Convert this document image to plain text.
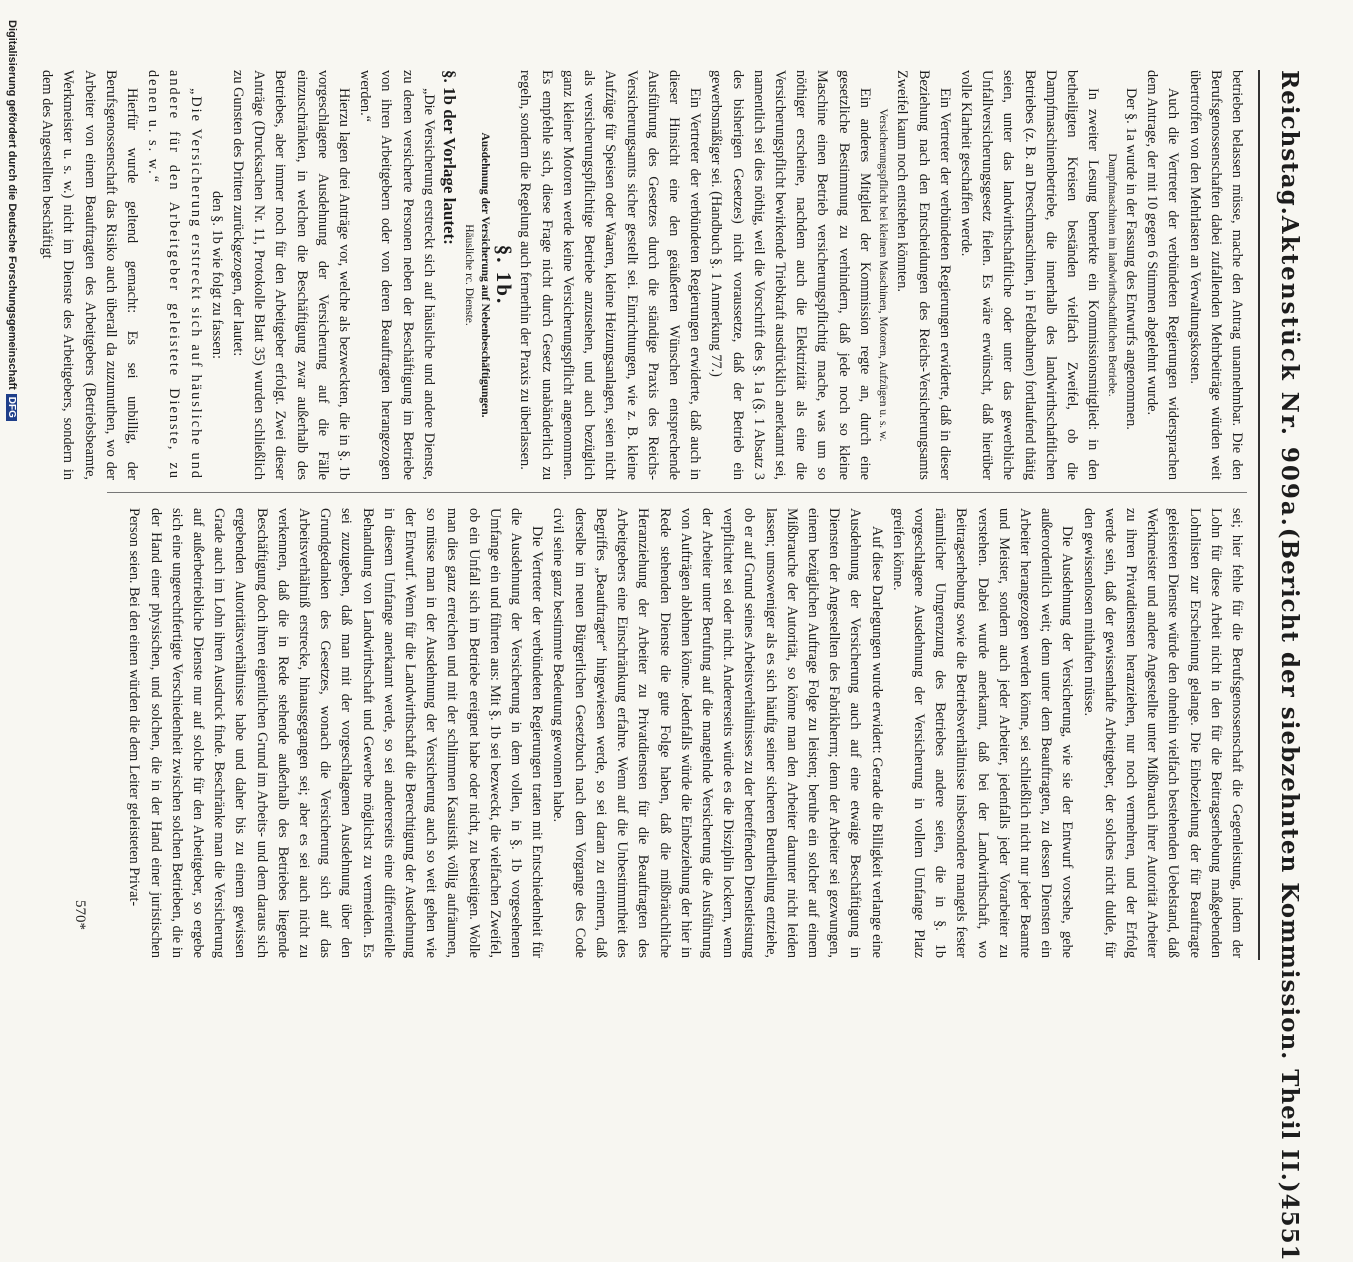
Reichstag.
Aktenstück Nr. 909a.
(Bericht der siebzehnten Kommission. Theil II.)
4551

betrieben belassen müsse, mache den Antrag unannehmbar. Die den Berufsgenossenschaften dabei zufallenden Mehrbeiträge würden weit übertroffen von den Mehrlasten an Verwaltungskosten.

Auch die Vertreter der verbündeten Regierungen widersprachen dem Antrage, der mit 10 gegen 6 Stimmen abgelehnt wurde.

Der §. 1a wurde in der Fassung des Entwurfs angenommen.

Dampfmaschinen im landwirthschaftlichen Betriebe.

In zweiter Lesung bemerkte ein Kommissionsmitglied: in den betheiligten Kreisen beständen vielfach Zweifel, ob die Dampfmaschinenbetriebe, die innerhalb des landwirthschaftlichen Betriebes (z. B. an Dreschmaschinen, in Feldbahnen) fortlaufend thätig seien, unter das landwirthschaftliche oder unter das gewerbliche Unfallversicherungsgesetz fielen. Es wäre erwünscht, daß hierüber volle Klarheit geschaffen werde.

Ein Vertreter der verbündeten Regierungen erwiderte, daß in dieser Beziehung nach den Entscheidungen des Reichs-Versicherungsamts Zweifel kaum noch entstehen könnten.

Versicherungspflicht bei kleinen Maschinen, Motoren, Aufzügen u. s. w.

Ein anderes Mitglied der Kommission regte an, durch eine gesetzliche Bestimmung zu verhindern, daß jede noch so kleine Maschine einen Betrieb versicherungspflichtig mache, was um so nöthiger erscheine, nachdem auch die Elektrizität als eine die Versicherungspflicht bewirkende Triebkraft ausdrücklich anerkannt sei, namentlich sei dies nöthig, weil die Vorschrift des §. 1a (§. 1 Absatz 3 des bisherigen Gesetzes) nicht voraussetze, daß der Betrieb ein gewerbsmäßiger sei. (Handbuch §. 1 Anmerkung 77.)

Ein Vertreter der verbündeten Regierungen erwiderte, daß auch in dieser Hinsicht eine den geäußerten Wünschen entsprechende Ausführung des Gesetzes durch die ständige Praxis des Reichs-Versicherungsamts sicher gestellt sei. Einrichtungen, wie z. B. kleine Aufzüge für Speisen oder Waaren, kleine Heizungsanlagen, seien nicht als versicherungspflichtige Betriebe anzusehen, und auch bezüglich ganz kleiner Motoren werde keine Versicherungspflicht angenommen. Es empfehle sich, diese Frage nicht durch Gesetz unabänderlich zu regeln, sondern die Regelung auch fernerhin der Praxis zu überlassen.

§. 1b.

Ausdehnung der Versicherung auf Nebenbeschäftigungen.

Häusliche rc. Dienste.

§. 1b der Vorlage lautet:

„Die Versicherung erstreckt sich auf häusliche und andere Dienste, zu denen versicherte Personen neben der Beschäftigung im Betriebe von ihren Arbeitgebern oder von deren Beauftragten herangezogen werden.“

Hierzu lagen drei Anträge vor, welche als bezweckten, die in §. 1b vorgeschlagene Ausdehnung der Versicherung auf die Fälle einzuschränken, in welchen die Beschäftigung zwar außerhalb des Betriebes, aber immer noch für den Arbeitgeber erfolgt. Zwei dieser Anträge (Drucksachen Nr. 11, Protokolle Blatt 35) wurden schließlich zu Gunsten des Dritten zurückgezogen, der lautet:

den §. 1b wie folgt zu fassen:

„Die Versicherung erstreckt sich auf häusliche und andere für den Arbeitgeber geleistete Dienste, zu denen u. s. w.“

Hierfür wurde geltend gemacht: Es sei unbillig, der Berufsgenossenschaft das Risiko auch überall da zuzumuthen, wo der Arbeiter von einem Beauftragten des Arbeitgebers (Betriebsbeamte, Werkmeister u. s. w.) nicht im Dienste des Arbeitgebers, sondern in dem des Angestellten beschäftigt

sei; hier fehle für die Berufsgenossenschaft die Gegenleistung, indem der Lohn für diese Arbeit nicht in den für die Beitragserhebung maßgebenden Lohnlisten zur Erscheinung gelange. Die Einbeziehung der für Beauftragte geleisteten Dienste würde den ohnehin vielfach bestehenden Uebelstand, daß Werkmeister und andere Angestellte unter Mißbrauch ihrer Autorität Arbeiter zu ihren Privatdiensten heranziehen, nur noch vermehren, und der Erfolg werde sein, daß der gewissenhafte Arbeitgeber, der solches nicht dulde, für den gewissenlosen mithaften müsse.

Die Ausdehnung der Versicherung, wie sie der Entwurf vorsehe, gehe außerordentlich weit; denn unter dem Beauftragten, zu dessen Diensten ein Arbeiter herangezogen werden könne, sei schließlich nicht nur jeder Beamte und Meister, sondern auch jeder Arbeiter, jedenfalls jeder Vorarbeiter zu verstehen. Dabei wurde anerkannt, daß bei der Landwirthschaft, wo Beitragserhebung sowie die Betriebsverhältnisse insbesondere mangels fester räumlicher Umgrenzung des Betriebes andere seien, die in §. 1b vorgeschlagene Ausdehnung der Versicherung in vollem Umfange Platz greifen könne.

Auf diese Darlegungen wurde erwidert: Gerade die Billigkeit verlange eine Ausdehnung der Versicherung auch auf eine etwaige Beschäftigung in Diensten der Angestellten des Fabrikherrn; denn der Arbeiter sei gezwungen, einem bezüglichen Auftrage Folge zu leisten; beruhe ein solcher auf einem Mißbrauche der Autorität, so könne man den Arbeiter darunter nicht leiden lassen; umsoweniger als es sich häufig seiner sicheren Beurtheilung entziehe, ob er auf Grund seines Arbeitsverhältnisses zu der betreffenden Dienstleistung verpflichtet sei oder nicht. Andererseits würde es die Disziplin lockern, wenn der Arbeiter unter Berufung auf die mangelnde Versicherung die Ausführung von Aufträgen ablehnen könne. Jedenfalls würde die Einbeziehung der hier in Rede stehenden Dienste die gute Folge haben, daß die mißbräuchliche Heranziehung der Arbeiter zu Privatdiensten für die Beauftragten des Arbeitgebers eine Einschränkung erfahre. Wenn auf die Unbestimmtheit des Begriffes „Beauftragter“ hingewiesen werde, so sei daran zu erinnern, daß derselbe im neuen Bürgerlichen Gesetzbuch nach dem Vorgange des Code civil seine ganz bestimmte Bedeutung gewonnen habe.

Die Vertreter der verbündeten Regierungen traten mit Entschiedenheit für die Ausdehnung der Versicherung in dem vollen, in §. 1b vorgesehenen Umfange ein und führten aus: Mit §. 1b sei bezweckt, die vielfachen Zweifel, ob ein Unfall sich im Betriebe ereignet habe oder nicht, zu beseitigen. Wolle man dies ganz erreichen und mit der schlimmen Kasuistik völlig aufräumen, so müsse man in der Ausdehnung der Versicherung auch so weit gehen wie der Entwurf. Wenn für die Landwirthschaft die Berechtigung der Ausdehnung in diesem Umfange anerkannt werde, so sei andererseits eine differentielle Behandlung von Landwirthschaft und Gewerbe möglichst zu vermeiden. Es sei zuzugeben, daß man mit der vorgeschlagenen Ausdehnung über den Grundgedanken des Gesetzes, wonach die Versicherung sich auf das Arbeitsverhältniß erstrecke, hinausgegangen sei; aber es sei auch nicht zu verkennen, daß die in Rede stehende außerhalb des Betriebes liegende Beschäftigung doch ihren eigentlichen Grund im Arbeits- und dem daraus sich ergebenden Autoritätsverhältnisse habe und daher bis zu einem gewissen Grade auch im Lohn ihren Ausdruck finde. Beschränke man die Versicherung auf außerbetriebliche Dienste nur auf solche für den Arbeitgeber, so ergebe sich eine ungerechtfertigte Verschiedenheit zwischen solchen Betrieben, die in der Hand einer physischen, und solchen, die in der Hand einer juristischen Person seien. Bei den einen würden die dem Leiter geleisteten Privat-

570*
Digitalisierung gefördert durch die Deutsche ForschungsgemeinschaftDFG
